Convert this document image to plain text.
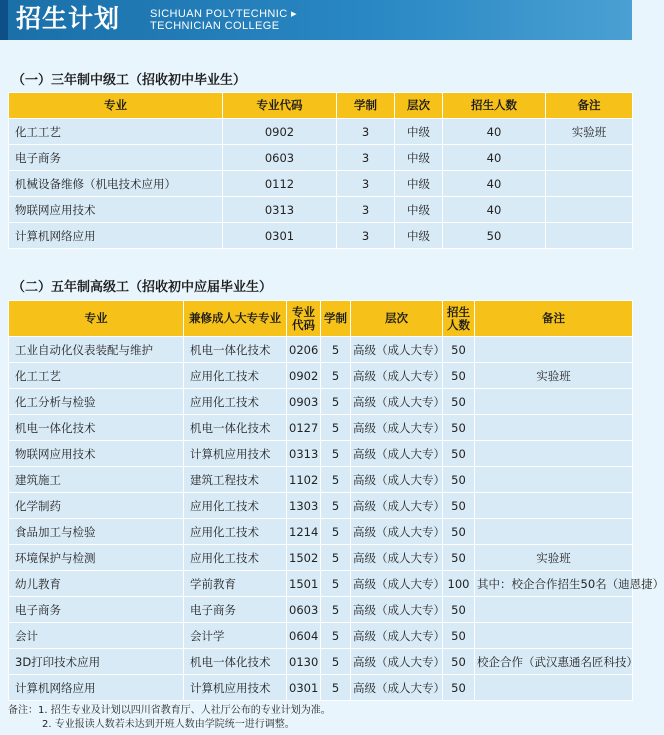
招生计划	SICHUAN POLYTECHNIC ▸
TECHNICIAN COLLEGE
（一）三年制中级工（招收初中毕业生）
专业	专业代码	学制	层次	招生人数	备注
化工工艺	0902	3	中级	40	实验班
电子商务	0603	3	中级	40	
机械设备维修（机电技术应用）	0112	3	中级	40	
物联网应用技术	0313	3	中级	40	
计算机网络应用	0301	3	中级	50	
（二）五年制高级工（招收初中应届毕业生）
专业	兼修成人大专专业	专业代码	学制	层次	招生人数	备注
工业自动化仪表装配与维护	机电一体化技术	0206	5	高级（成人大专）	50	
化工工艺	应用化工技术	0902	5	高级（成人大专）	50	实验班
化工分析与检验	应用化工技术	0903	5	高级（成人大专）	50	
机电一体化技术	机电一体化技术	0127	5	高级（成人大专）	50	
物联网应用技术	计算机应用技术	0313	5	高级（成人大专）	50	
建筑施工	建筑工程技术	1102	5	高级（成人大专）	50	
化学制药	应用化工技术	1303	5	高级（成人大专）	50	
食品加工与检验	应用化工技术	1214	5	高级（成人大专）	50	
环境保护与检测	应用化工技术	1502	5	高级（成人大专）	50	实验班
幼儿教育	学前教育	1501	5	高级（成人大专）	100	其中：校企合作招生50名（迪恩捷）
电子商务	电子商务	0603	5	高级（成人大专）	50	
会计	会计学	0604	5	高级（成人大专）	50	
3D打印技术应用	机电一体化技术	0130	5	高级（成人大专）	50	校企合作（武汉惠通名匠科技）
计算机网络应用	计算机应用技术	0301	5	高级（成人大专）	50	
备注：1. 招生专业及计划以四川省教育厅、人社厅公布的专业计划为准。
2. 专业报读人数若未达到开班人数由学院统一进行调整。
